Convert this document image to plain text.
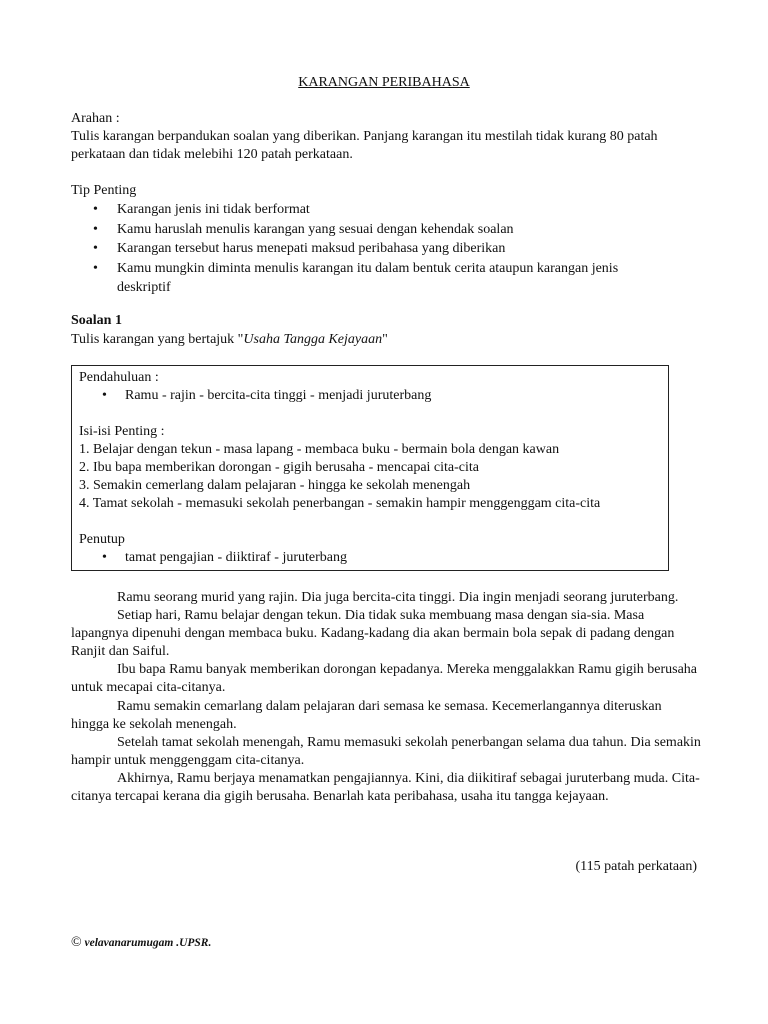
KARANGAN PERIBAHASA
Arahan :
Tulis karangan berpandukan soalan yang diberikan. Panjang karangan itu mestilah tidak kurang 80 patah perkataan dan tidak melebihi 120 patah perkataan.
Tip Penting
• Karangan jenis ini tidak berformat
• Kamu haruslah menulis karangan yang sesuai dengan kehendak soalan
• Karangan tersebut harus menepati maksud peribahasa yang diberikan
• Kamu mungkin diminta menulis karangan itu dalam bentuk cerita ataupun karangan jenis deskriptif
Soalan 1
Tulis karangan yang bertajuk "Usaha Tangga Kejayaan"
Pendahuluan :
• Ramu - rajin - bercita-cita tinggi - menjadi juruterbang
Isi-isi Penting :
1. Belajar dengan tekun - masa lapang - membaca buku - bermain bola dengan kawan
2. Ibu bapa memberikan dorongan - gigih berusaha - mencapai cita-cita
3. Semakin cemerlang dalam pelajaran - hingga ke sekolah menengah
4. Tamat sekolah - memasuki sekolah penerbangan - semakin hampir menggenggam cita-cita
Penutup
• tamat pengajian - diiktiraf - juruterbang

Ramu seorang murid yang rajin. Dia juga bercita-cita tinggi. Dia ingin menjadi seorang juruterbang.

Setiap hari, Ramu belajar dengan tekun. Dia tidak suka membuang masa dengan sia-sia. Masa lapangnya dipenuhi dengan membaca buku. Kadang-kadang dia akan bermain bola sepak di padang dengan Ranjit dan Saiful.

Ibu bapa Ramu banyak memberikan dorongan kepadanya. Mereka menggalakkan Ramu gigih berusaha untuk mecapai cita-citanya.

Ramu semakin cemarlang dalam pelajaran dari semasa ke semasa. Kecemerlangannya diteruskan hingga ke sekolah menengah.

Setelah tamat sekolah menengah, Ramu memasuki sekolah penerbangan selama dua tahun. Dia semakin hampir untuk menggenggam cita-citanya.

Akhirnya, Ramu berjaya menamatkan pengajiannya. Kini, dia diikitiraf sebagai juruterbang muda. Cita-citanya tercapai kerana dia gigih berusaha. Benarlah kata peribahasa, usaha itu tangga kejayaan.

(115 patah perkataan)
© velavanarumugam .UPSR.
